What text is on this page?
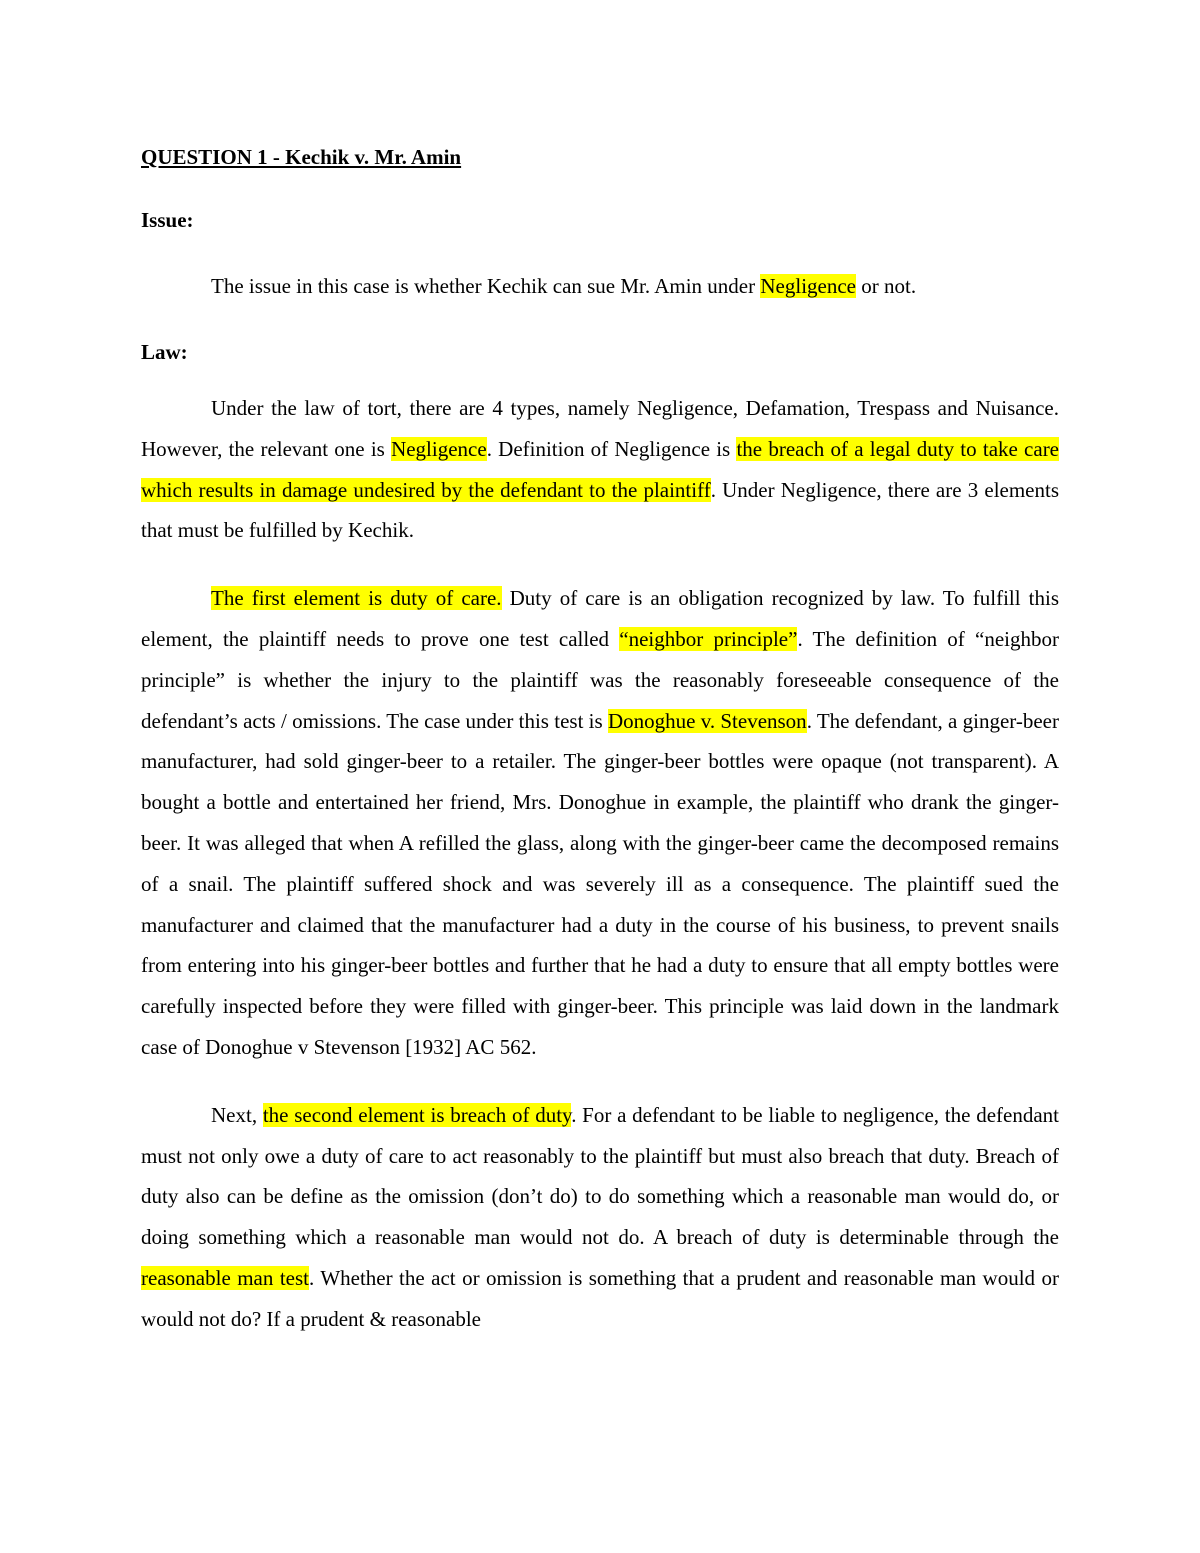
QUESTION 1 - Kechik v. Mr. Amin

Issue:

The issue in this case is whether Kechik can sue Mr. Amin under Negligence or not.

Law:

Under the law of tort, there are 4 types, namely Negligence, Defamation, Trespass and Nuisance. However, the relevant one is Negligence. Definition of Negligence is the breach of a legal duty to take care which results in damage undesired by the defendant to the plaintiff. Under Negligence, there are 3 elements that must be fulfilled by Kechik.

The first element is duty of care. Duty of care is an obligation recognized by law. To fulfill this element, the plaintiff needs to prove one test called “neighbor principle”. The definition of “neighbor principle” is whether the injury to the plaintiff was the reasonably foreseeable consequence of the defendant’s acts / omissions. The case under this test is Donoghue v. Stevenson. The defendant, a ginger-beer manufacturer, had sold ginger-beer to a retailer. The ginger-beer bottles were opaque (not transparent). A bought a bottle and entertained her friend, Mrs. Donoghue in example, the plaintiff who drank the ginger-beer. It was alleged that when A refilled the glass, along with the ginger-beer came the decomposed remains of a snail. The plaintiff suffered shock and was severely ill as a consequence. The plaintiff sued the manufacturer and claimed that the manufacturer had a duty in the course of his business, to prevent snails from entering into his ginger-beer bottles and further that he had a duty to ensure that all empty bottles were carefully inspected before they were filled with ginger-beer. This principle was laid down in the landmark case of Donoghue v Stevenson [1932] AC 562.

Next, the second element is breach of duty. For a defendant to be liable to negligence, the defendant must not only owe a duty of care to act reasonably to the plaintiff but must also breach that duty. Breach of duty also can be define as the omission (don’t do) to do something which a reasonable man would do, or doing something which a reasonable man would not do. A breach of duty is determinable through the reasonable man test. Whether the act or omission is something that a prudent and reasonable man would or would not do? If a prudent & reasonable
